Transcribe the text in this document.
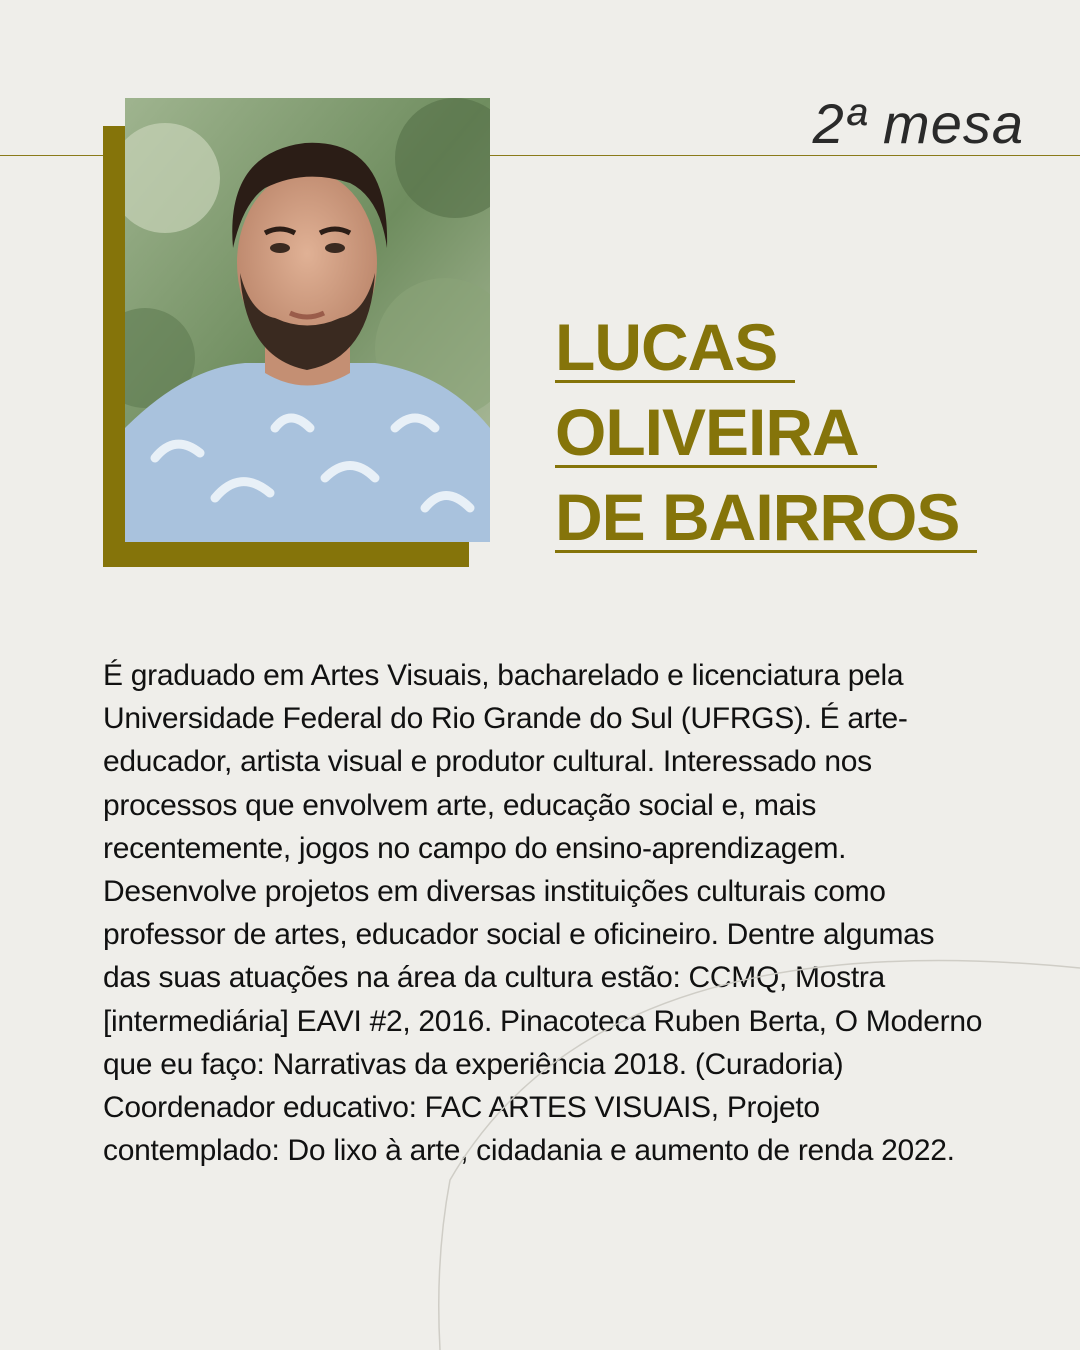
2ª mesa
LUCAS
OLIVEIRA
DE BAIRROS

É graduado em Artes Visuais, bacharelado e licenciatura pela Universidade Federal do Rio Grande do Sul (UFRGS). É arte-educador, artista visual e produtor cultural. Interessado nos processos que envolvem arte, educação social e, mais recentemente, jogos no campo do ensino-aprendizagem. Desenvolve projetos em diversas instituições culturais como professor de artes, educador social e oficineiro. Dentre algumas das suas atuações na área da cultura estão: CCMQ, Mostra [intermediária] EAVI #2, 2016. Pinacoteca Ruben Berta, O Moderno que eu faço: Narrativas da experiência 2018. (Curadoria) Coordenador educativo: FAC ARTES VISUAIS, Projeto contemplado: Do lixo à arte, cidadania e aumento de renda 2022.
